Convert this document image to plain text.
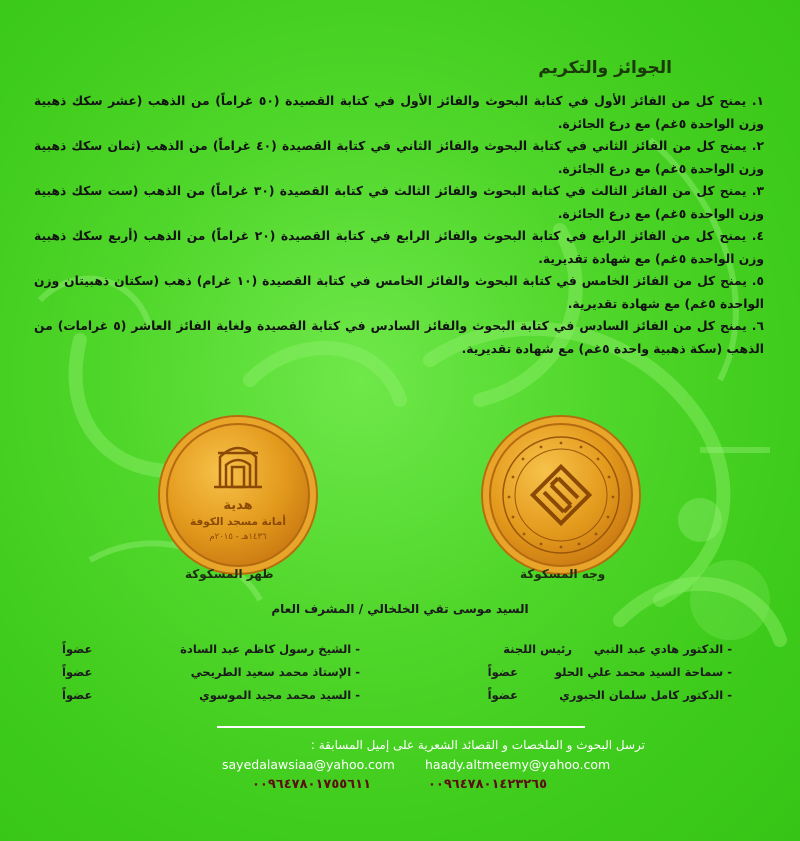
الجوائز والتكريم

١. يمنح كل من الفائز الأول في كتابة البحوث والفائز الأول في كتابة القصيدة (٥٠ غراماً) من الذهب (عشر سكك ذهبية وزن الواحدة ٥غم) مع درع الجائزة.

٢. يمنح كل من الفائز الثاني في كتابة البحوث والفائز الثاني في كتابة القصيدة (٤٠ غراماً) من الذهب (ثمان سكك ذهبية وزن الواحدة ٥غم) مع درع الجائزة.

٣. يمنح كل من الفائز الثالث في كتابة البحوث والفائز الثالث في كتابة القصيدة (٣٠ غراماً) من الذهب (ست سكك ذهبية وزن الواحدة ٥غم) مع درع الجائزة.

٤. يمنح كل من الفائز الرابع في كتابة البحوث والفائز الرابع في كتابة القصيدة (٢٠ غراماً) من الذهب (أربع سكك ذهبية وزن الواحدة ٥غم) مع شهادة تقديرية.

٥. يمنح كل من الفائز الخامس في كتابة البحوث والفائز الخامس في كتابة القصيدة (١٠ غرام) ذهب (سكتان ذهبيتان وزن الواحدة ٥غم) مع شهادة تقديرية.

٦. يمنح كل من الفائز السادس في كتابة البحوث والفائز السادس في كتابة القصيدة ولغاية الفائز العاشر (٥ غرامات) من الذهب (سكة ذهبية واحدة ٥غم) مع شهادة تقديرية.

هدية
أمانة مسجد الكوفة
١٤٣٦هـ - ٢٠١٥م
ظهر المسكوكة	وجه المسكوكة
السيد موسى تقي الخلخالي / المشرف العام
- الدكتور هادي عبد النبي
رئيس اللجنة
- سماحة السيد محمد علي الحلو
عضواً
- الدكتور كامل سلمان الجبوري
عضواً
- الشيخ رسول كاظم عبد السادة
عضواً
- الإستاذ محمد سعيد الطريحي
عضواً
- السيد محمد مجيد الموسوي
عضواً
ترسل البحوث و الملخصات و القصائد الشعرية على إميل المسابقة :
sayedalawsiaa@yahoo.com haady.altmeemy@yahoo.com
٠٠٩٦٤٧٨٠١٧٥٥٦١١	٠٠٩٦٤٧٨٠١٤٢٣٢٦٥
